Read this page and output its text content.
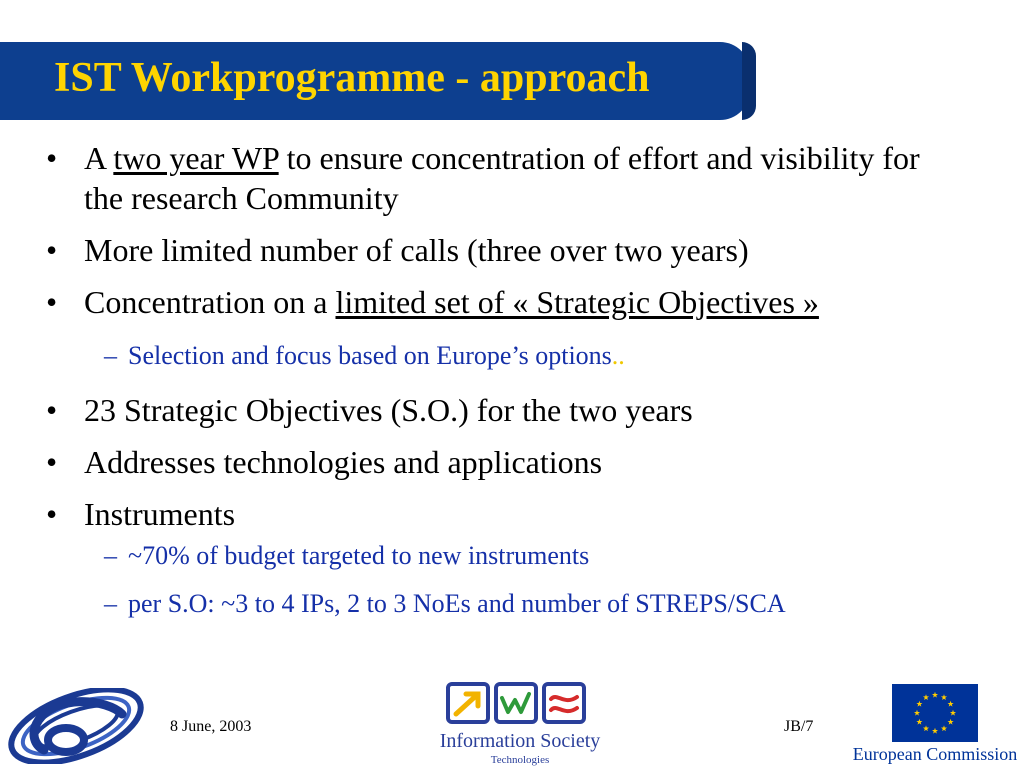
IST Workprogramme - approach
• A two year WP to ensure concentration of effort and visibility for the research Community
• More limited number of calls (three over two years)
• Concentration on a limited set of « Strategic Objectives »
– Selection and focus based on Europe’s options..
• 23 Strategic Objectives (S.O.) for the two years
• Addresses technologies and applications
• Instruments
– ~70% of budget targeted to new instruments
– per S.O: ~3 to 4 IPs, 2 to 3 NoEs and number of STREPS/SCA
8 June, 2003	JB/7
Information Society
Technologies	European Commission
